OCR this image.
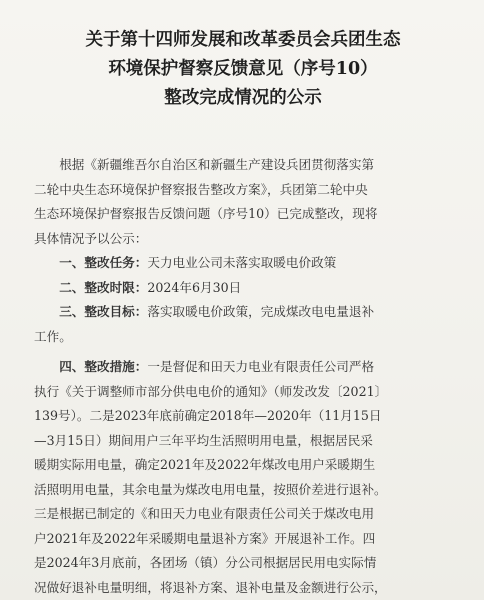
关于第十四师发展和改革委员会兵团生态
环境保护督察反馈意见（序号10）
整改完成情况的公示
根据《新疆维吾尔自治区和新疆生产建设兵团贯彻落实第
二轮中央生态环境保护督察报告整改方案》，兵团第二轮中央
生态环境保护督察报告反馈问题（序号10）已完成整改，现将
具体情况予以公示：
一、整改任务：天力电业公司未落实取暖电价政策
二、整改时限：2024年6月30日
三、整改目标：落实取暖电价政策，完成煤改电电量退补
工作。
四、整改措施：一是督促和田天力电业有限责任公司严格
执行《关于调整师市部分供电电价的通知》（师发改发〔2021〕
139号）。二是2023年底前确定2018年—2020年（11月15日
—3月15日）期间用户三年平均生活照明用电量，根据居民采
暖期实际用电量，确定2021年及2022年煤改电用户采暖期生
活照明用电量，其余电量为煤改电用电量，按照价差进行退补。
三是根据已制定的《和田天力电业有限责任公司关于煤改电用
户2021年及2022年采暖期电量退补方案》开展退补工作。四
是2024年3月底前，各团场（镇）分公司根据居民用电实际情
况做好退补电量明细，将退补方案、退补电量及金额进行公示，
